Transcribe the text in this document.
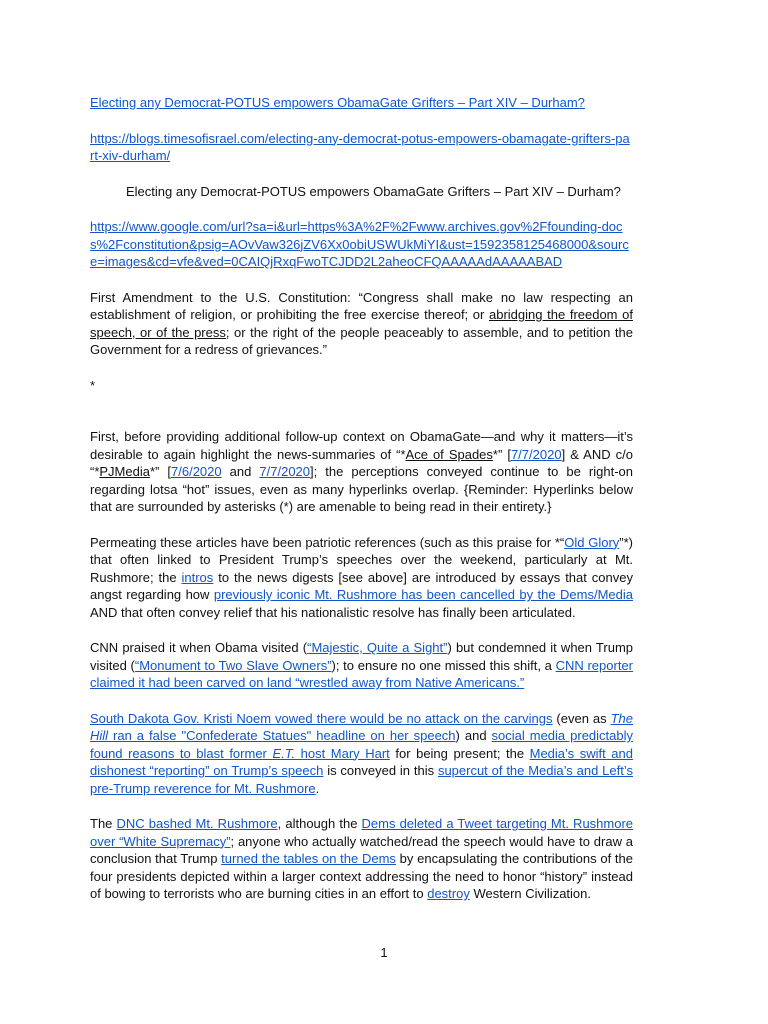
Electing any Democrat-POTUS empowers ObamaGate Grifters – Part XIV – Durham?

https://blogs.timesofisrael.com/electing-any-democrat-potus-empowers-obamagate-grifters-part-xiv-durham/

Electing any Democrat-POTUS empowers ObamaGate Grifters – Part XIV – Durham?

https://www.google.com/url?sa=i&url=https%3A%2F%2Fwww.archives.gov%2Ffounding-docs%2Fconstitution&psig=AOvVaw326jZV6Xx0obiUSWUkMiYI&ust=1592358125468000&source=images&cd=vfe&ved=0CAIQjRxqFwoTCJDD2L2aheoCFQAAAAAdAAAAABAD

First Amendment to the U.S. Constitution: “Congress shall make no law respecting an establishment of religion, or prohibiting the free exercise thereof; or abridging the freedom of speech, or of the press; or the right of the people peaceably to assemble, and to petition the Government for a redress of grievances.”

*

First, before providing additional follow-up context on ObamaGate—and why it matters—it’s desirable to again highlight the news-summaries of “*Ace of Spades*” [7/7/2020] & AND c/o “*PJMedia*” [7/6/2020 and 7/7/2020]; the perceptions conveyed continue to be right-on regarding lotsa “hot” issues, even as many hyperlinks overlap. {Reminder: Hyperlinks below that are surrounded by asterisks (*) are amenable to being read in their entirety.}

Permeating these articles have been patriotic references (such as this praise for *“Old Glory”*) that often linked to President Trump’s speeches over the weekend, particularly at Mt. Rushmore; the intros to the news digests [see above] are introduced by essays that convey angst regarding how previously iconic Mt. Rushmore has been cancelled by the Dems/Media AND that often convey relief that his nationalistic resolve has finally been articulated.

CNN praised it when Obama visited (“Majestic, Quite a Sight”) but condemned it when Trump visited (“Monument to Two Slave Owners”); to ensure no one missed this shift, a CNN reporter claimed it had been carved on land “wrestled away from Native Americans.”

South Dakota Gov. Kristi Noem vowed there would be no attack on the carvings (even as The Hill ran a false "Confederate Statues" headline on her speech) and social media predictably found reasons to blast former E.T. host Mary Hart for being present; the Media’s swift and dishonest “reporting” on Trump’s speech is conveyed in this supercut of the Media’s and Left’s pre-Trump reverence for Mt. Rushmore.

The DNC bashed Mt. Rushmore, although the Dems deleted a Tweet targeting Mt. Rushmore over “White Supremacy”; anyone who actually watched/read the speech would have to draw a conclusion that Trump turned the tables on the Dems by encapsulating the contributions of the four presidents depicted within a larger context addressing the need to honor “history” instead of bowing to terrorists who are burning cities in an effort to destroy Western Civilization.

1
